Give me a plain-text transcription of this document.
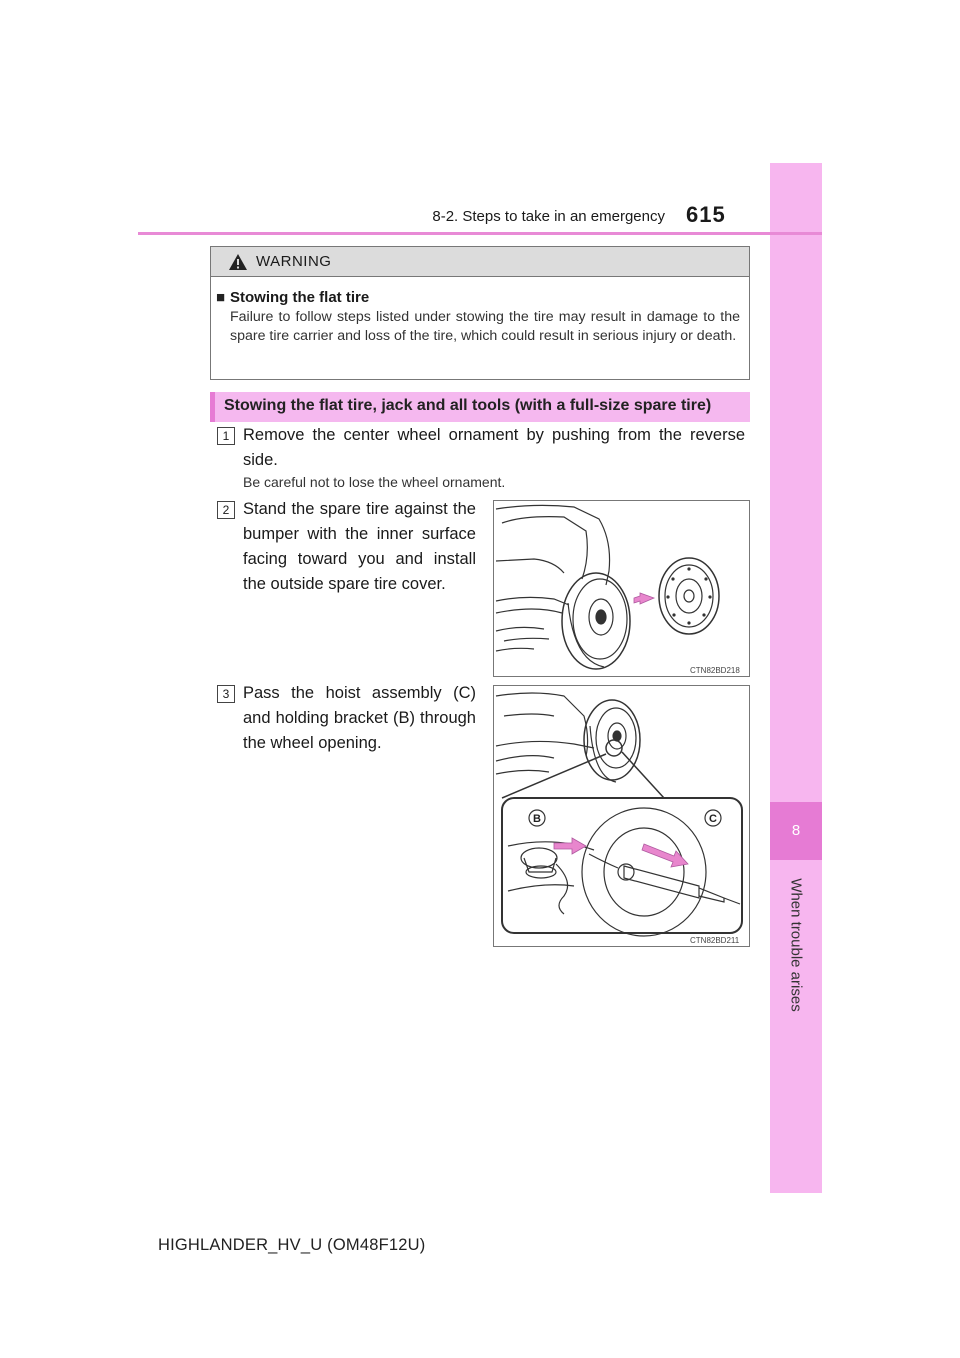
8
When trouble arises
8-2. Steps to take in an emergency 615
WARNING
■ Stowing the flat tire
Failure to follow steps listed under stowing the tire may result in damage to the spare tire carrier and loss of the tire, which could result in serious injury or death.
Stowing the flat tire, jack and all tools (with a full-size spare tire)
1 Remove the center wheel ornament by pushing from the reverse side.
Be careful not to lose the wheel ornament.
2 Stand the spare tire against the bumper with the inner surface facing toward you and install the outside spare tire cover.
CTN82BD218
3 Pass the hoist assembly (C) and holding bracket (B) through the wheel opening.
B	C
CTN82BD211
HIGHLANDER_HV_U (OM48F12U)
